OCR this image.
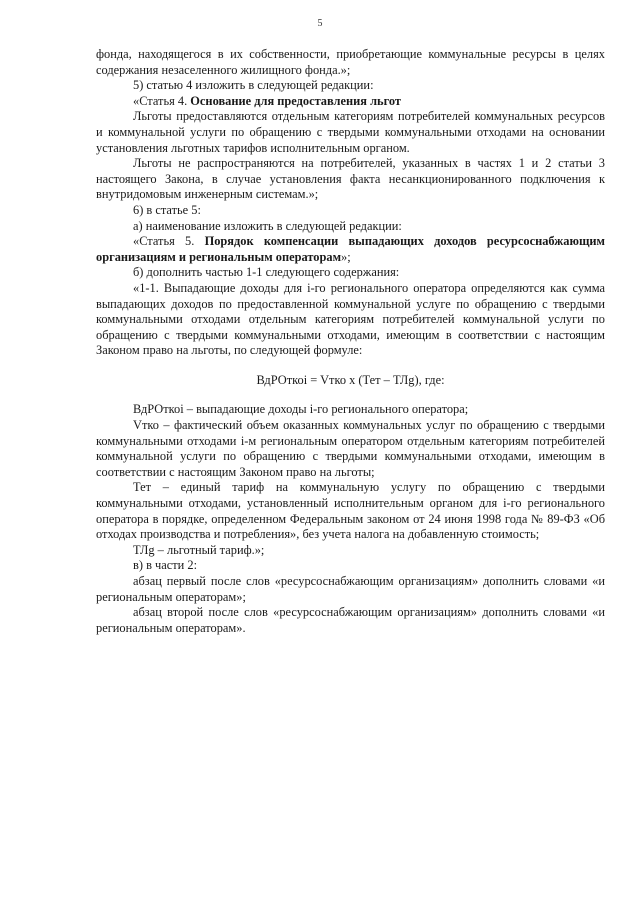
5

фонда, находящегося в их собственности, приобретающие коммунальные ресурсы в целях содержания незаселенного жилищного фонда.»;

5) статью 4 изложить в следующей редакции:

«Статья 4. Основание для предоставления льгот

Льготы предоставляются отдельным категориям потребителей коммунальных ресурсов и коммунальной услуги по обращению с твердыми коммунальными отходами на основании установления льготных тарифов исполнительным органом.

Льготы не распространяются на потребителей, указанных в частях 1 и 2 статьи 3 настоящего Закона, в случае установления факта несанкционированного подключения к внутридомовым инженерным системам.»;

6) в статье 5:

а) наименование изложить в следующей редакции:

«Статья 5. Порядок компенсации выпадающих доходов ресурсоснабжающим организациям и региональным операторам»;

б) дополнить частью 1-1 следующего содержания:

«1-1. Выпадающие доходы для i-го регионального оператора определяются как сумма выпадающих доходов по предоставленной коммунальной услуге по обращению с твердыми коммунальными отходами отдельным категориям потребителей коммунальной услуги по обращению с твердыми коммунальными отходами, имеющим в соответствии с настоящим Законом право на льготы, по следующей формуле:

ВдРОткоi = Vтко x (Тет – ТЛg), где:

ВдРОткоi – выпадающие доходы i-го регионального оператора;

Vтко – фактический объем оказанных коммунальных услуг по обращению с твердыми коммунальными отходами i-м региональным оператором отдельным категориям потребителей коммунальной услуги по обращению с твердыми коммунальными отходами, имеющим в соответствии с настоящим Законом право на льготы;

Тет – единый тариф на коммунальную услугу по обращению с твердыми коммунальными отходами, установленный исполнительным органом для i-го регионального оператора в порядке, определенном Федеральным законом от 24 июня 1998 года № 89-ФЗ «Об отходах производства и потребления», без учета налога на добавленную стоимость;

ТЛg – льготный тариф.»;

в) в части 2:

абзац первый после слов «ресурсоснабжающим организациям» дополнить словами «и региональным операторам»;

абзац второй после слов «ресурсоснабжающим организациям» дополнить словами «и региональным операторам».
